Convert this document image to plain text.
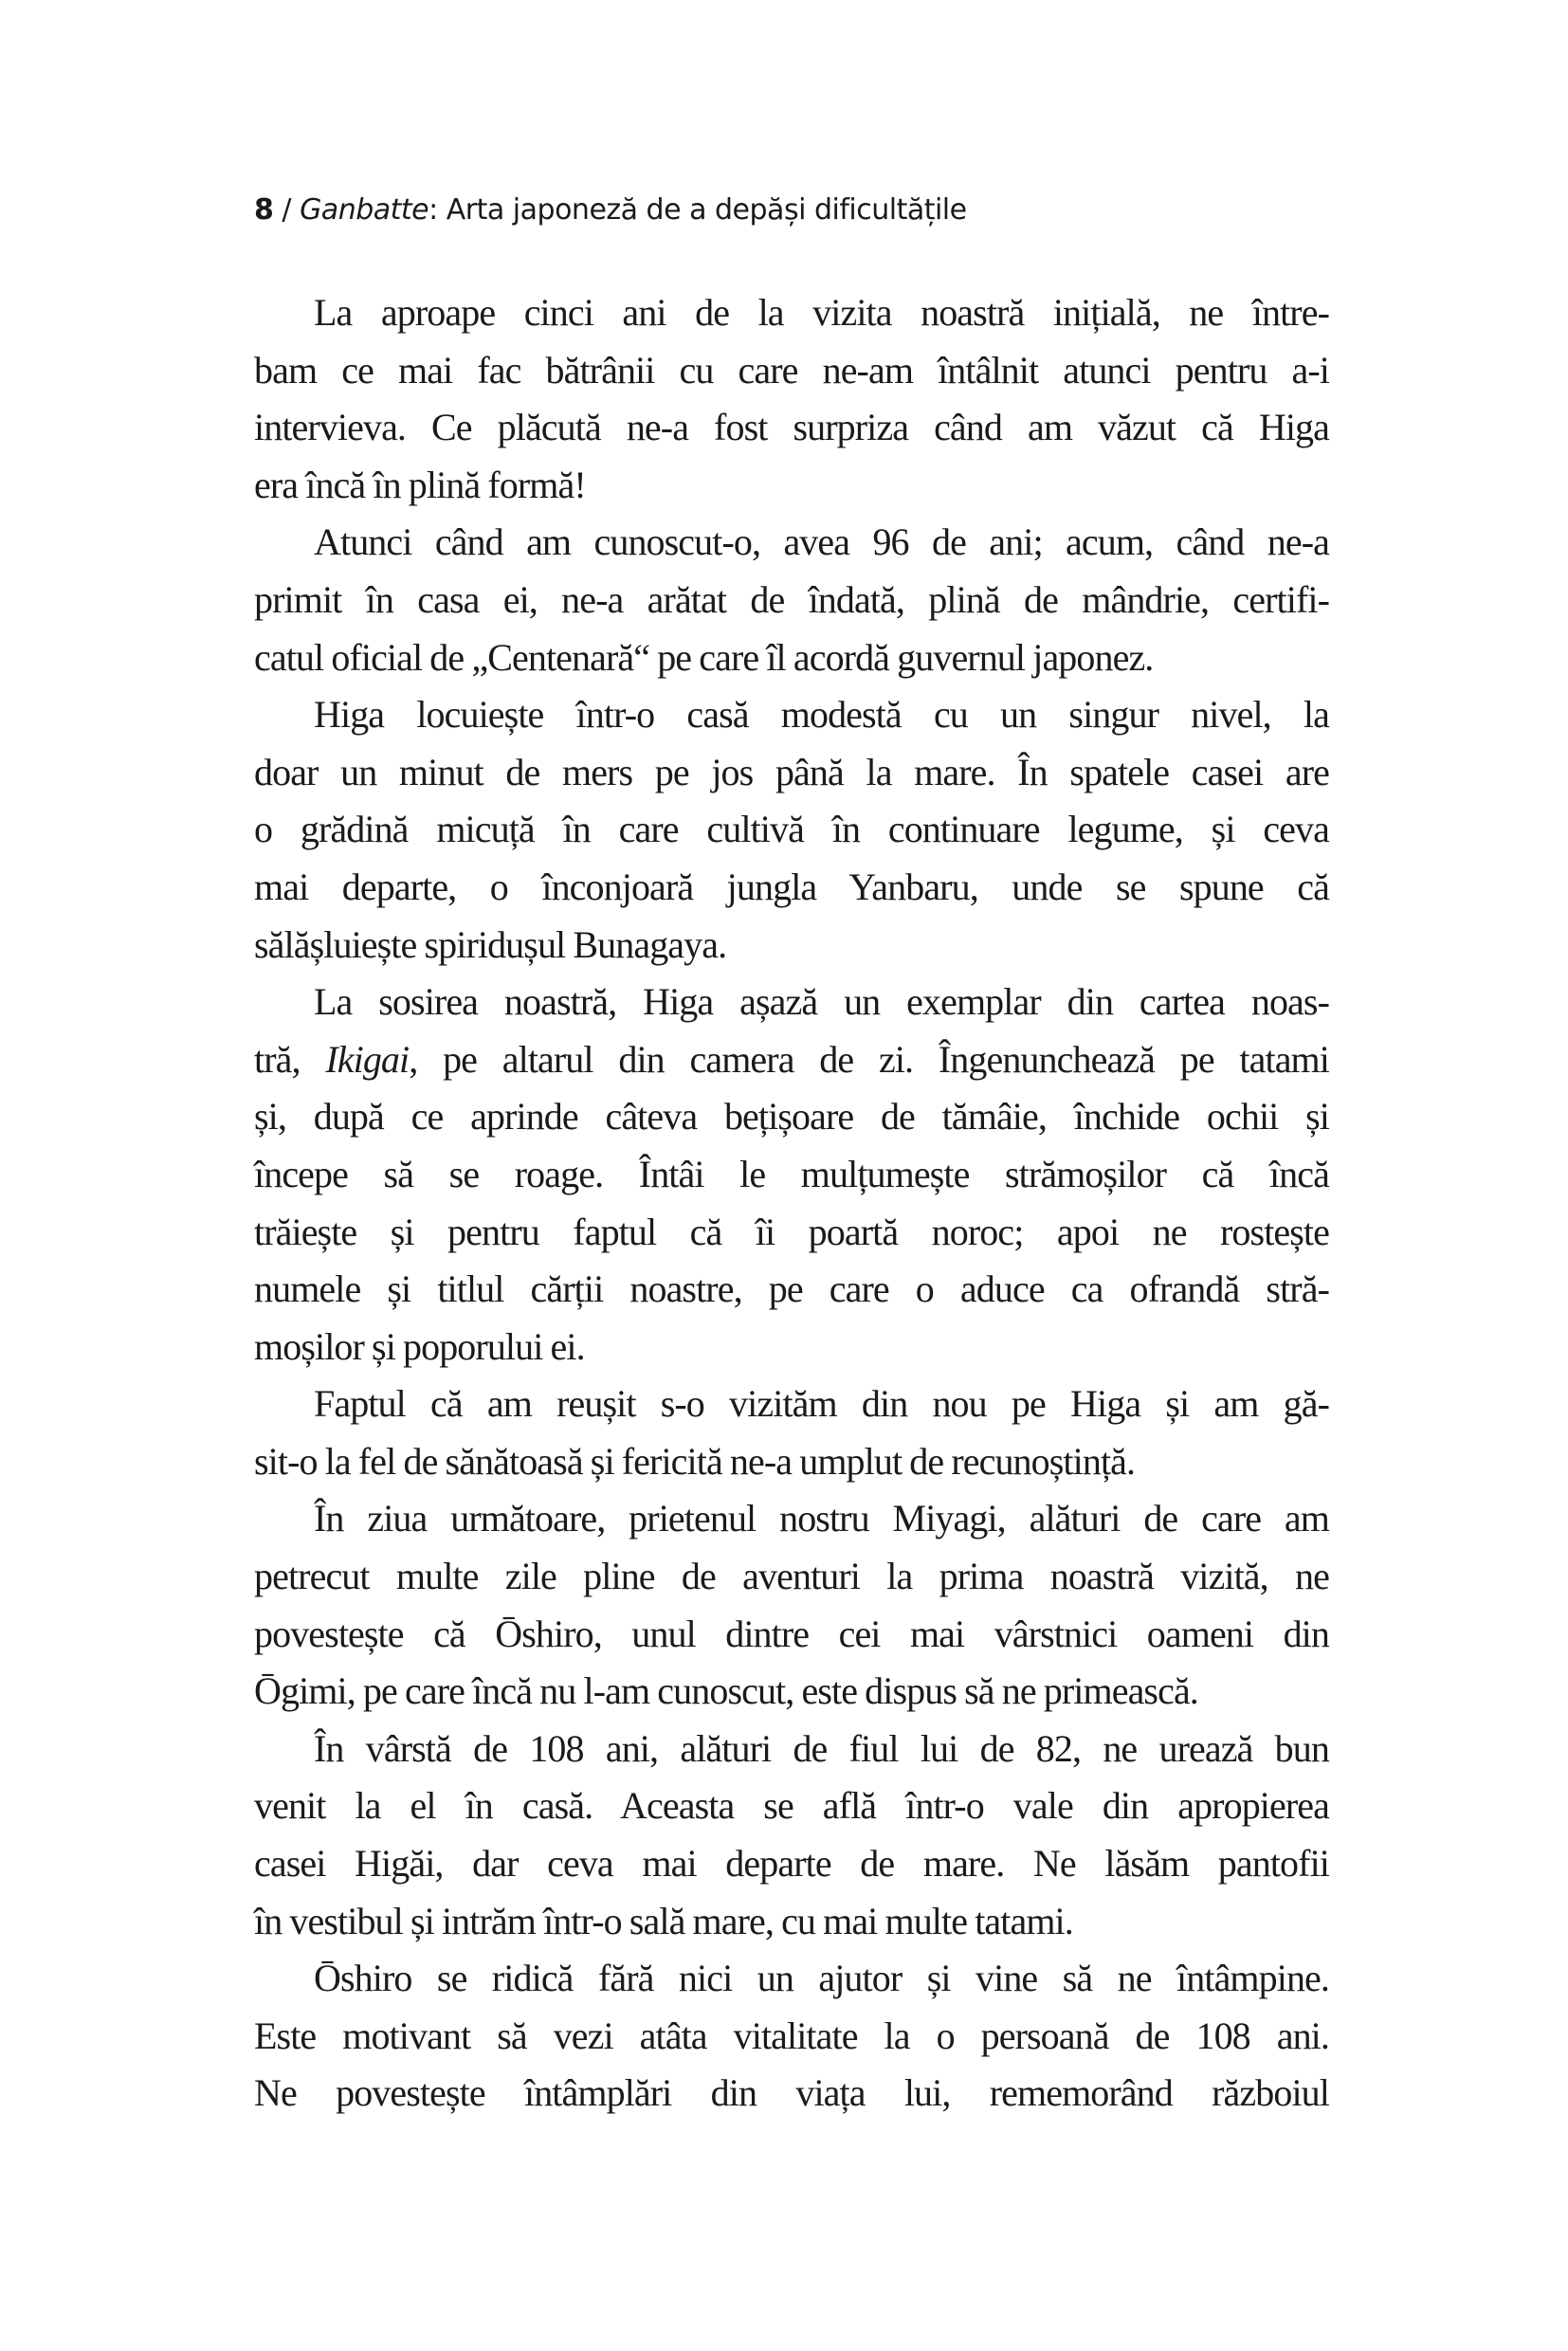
8 / Ganbatte: Arta japoneză de a depăși dificultățile
La aproape cinci ani de la vizita noastră inițială, ne între-
bam ce mai fac bătrânii cu care ne-am întâlnit atunci pentru a-i
intervieva. Ce plăcută ne-a fost surpriza când am văzut că Higa
era încă în plină formă!
Atunci când am cunoscut-o, avea 96 de ani; acum, când ne-a
primit în casa ei, ne-a arătat de îndată, plină de mândrie, certifi-
catul oficial de „Centenară“ pe care îl acordă guvernul japonez.
Higa locuiește într-o casă modestă cu un singur nivel, la
doar un minut de mers pe jos până la mare. În spatele casei are
o grădină micuță în care cultivă în continuare legume, și ceva
mai departe, o înconjoară jungla Yanbaru, unde se spune că
sălășluiește spiridușul Bunagaya.
La sosirea noastră, Higa așază un exemplar din cartea noas-
tră, Ikigai, pe altarul din camera de zi. Îngenunchează pe tatami
și, după ce aprinde câteva bețișoare de tămâie, închide ochii și
începe să se roage. Întâi le mulțumește strămoșilor că încă
trăiește și pentru faptul că îi poartă noroc; apoi ne rostește
numele și titlul cărții noastre, pe care o aduce ca ofrandă stră-
moșilor și poporului ei.
Faptul că am reușit s-o vizităm din nou pe Higa și am gă-
sit-o la fel de sănătoasă și fericită ne-a umplut de recunoștință.
În ziua următoare, prietenul nostru Miyagi, alături de care am
petrecut multe zile pline de aventuri la prima noastră vizită, ne
povestește că Ōshiro, unul dintre cei mai vârstnici oameni din
Ōgimi, pe care încă nu l-am cunoscut, este dispus să ne primească.
În vârstă de 108 ani, alături de fiul lui de 82, ne urează bun
venit la el în casă. Aceasta se află într-o vale din apropierea
casei Higăi, dar ceva mai departe de mare. Ne lăsăm pantofii
în vestibul și intrăm într-o sală mare, cu mai multe tatami.
Ōshiro se ridică fără nici un ajutor și vine să ne întâmpine.
Este motivant să vezi atâta vitalitate la o persoană de 108 ani.
Ne povestește întâmplări din viața lui, rememorând războiul
